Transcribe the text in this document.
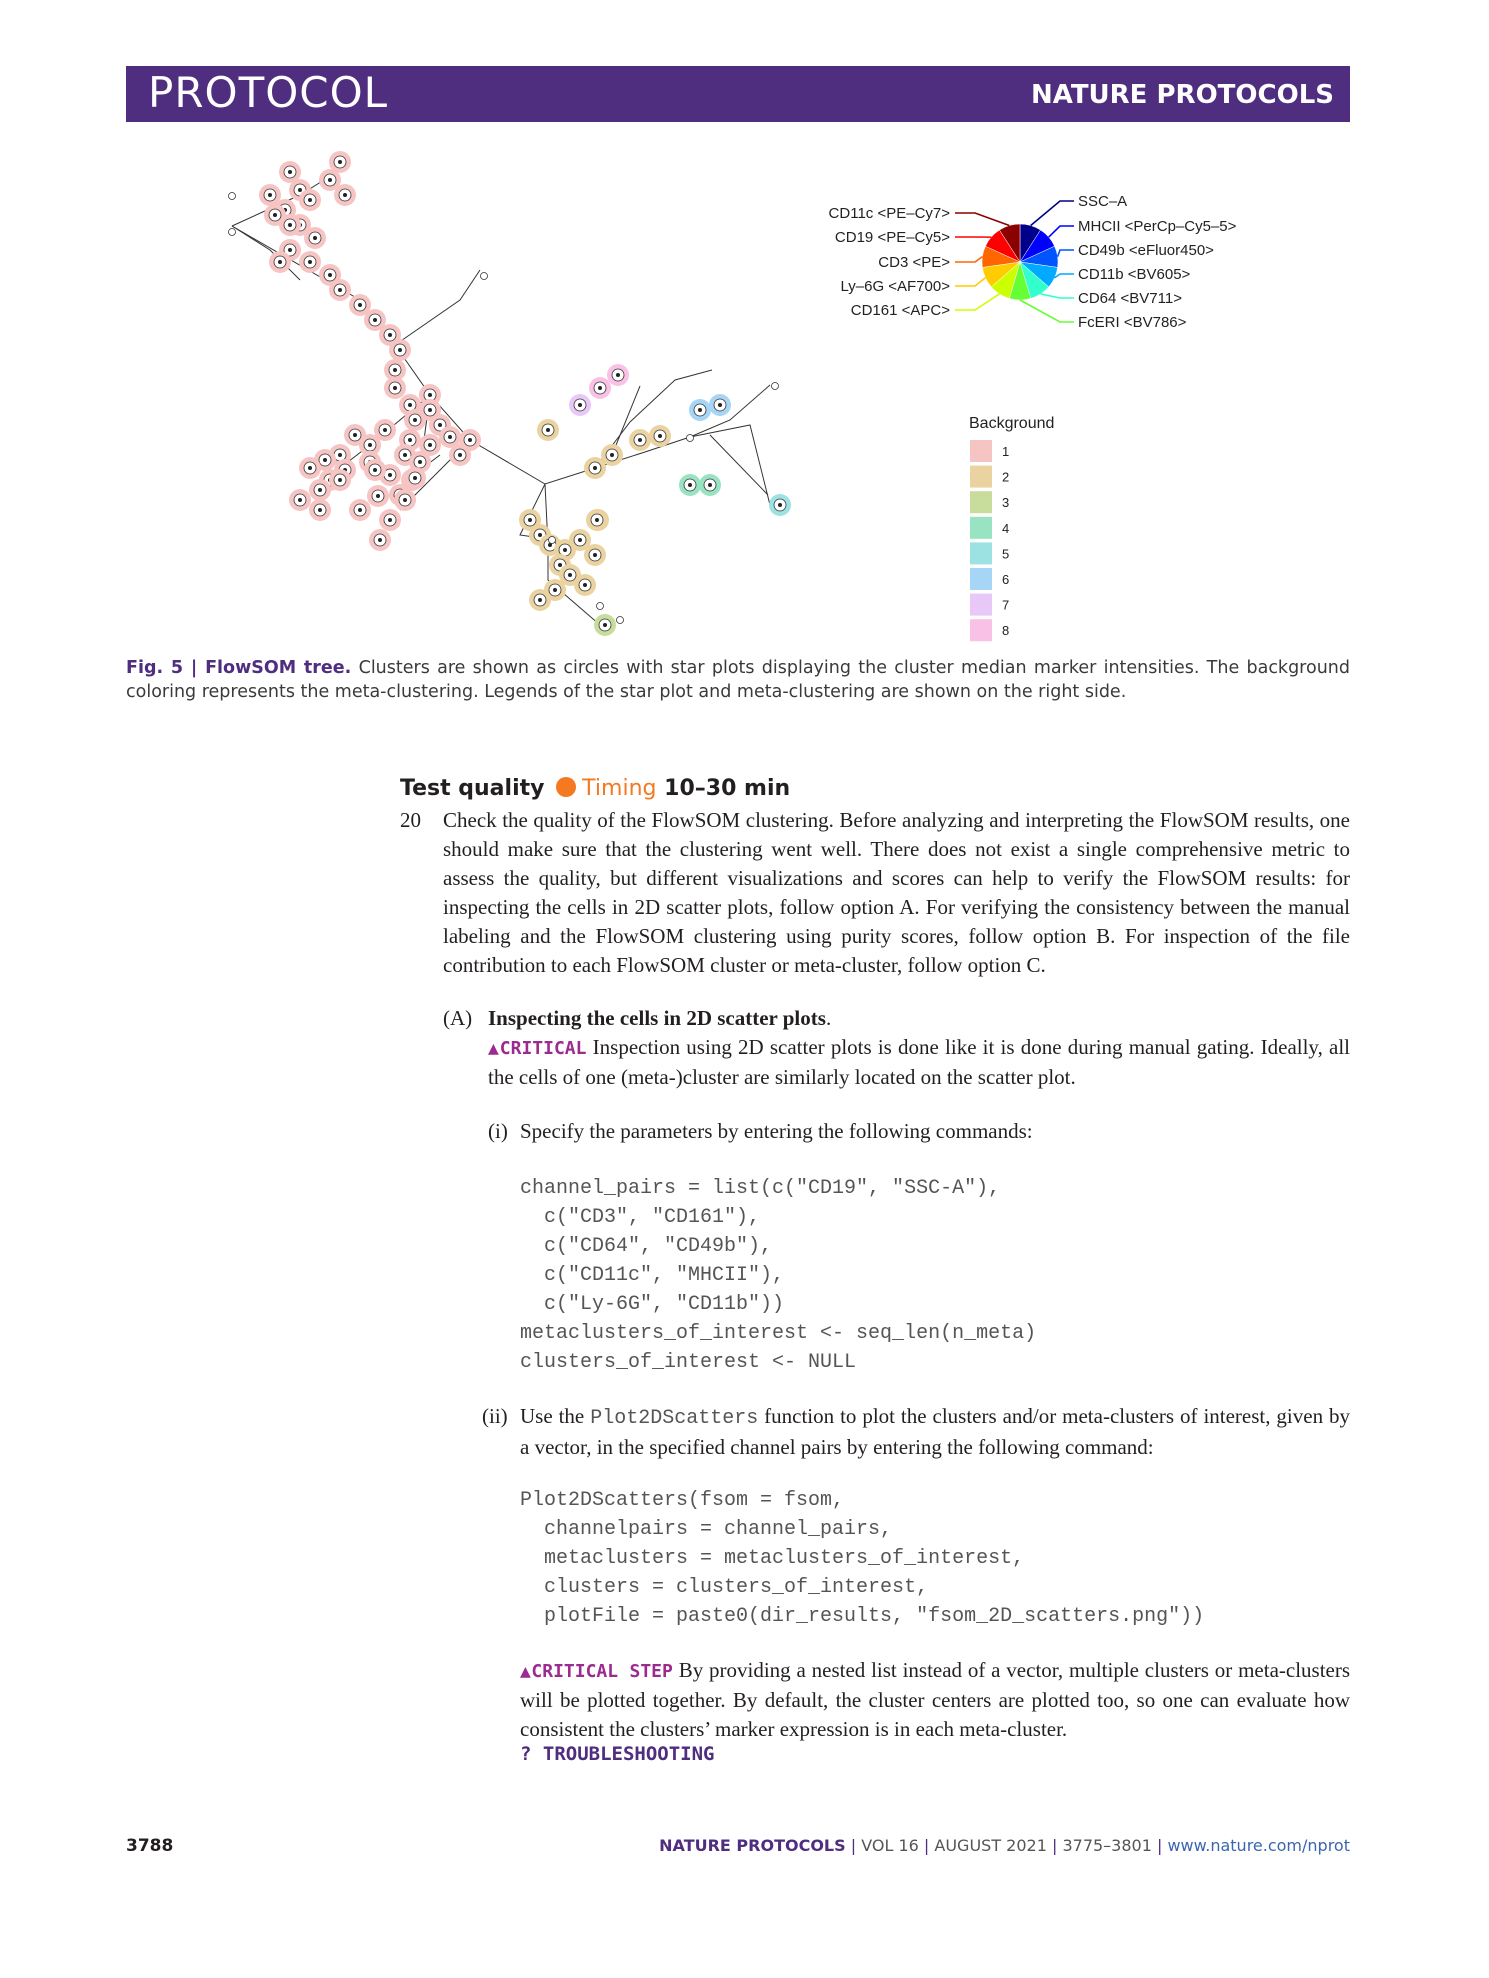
PROTOCOL	NATURE PROTOCOLS
SSC–A
MHCII <PerCp–Cy5–5>
CD49b <eFluor450>
CD11b <BV605>
CD64 <BV711>
FcERI <BV786>
CD11c <PE–Cy7>
CD19 <PE–Cy5>
CD3 <PE>
Ly–6G <AF700>
CD161 <APC>
Background
1
2
3
4
5
6
7
8
Fig. 5 | FlowSOM tree. Clusters are shown as circles with star plots displaying the cluster median marker intensities. The background coloring represents the meta-clustering. Legends of the star plot and meta-clustering are shown on the right side.
Test quality Timing 10–30 min
20 Check the quality of the FlowSOM clustering. Before analyzing and interpreting the FlowSOM results, one should make sure that the clustering went well. There does not exist a single comprehensive metric to assess the quality, but different visualizations and scores can help to verify the FlowSOM results: for inspecting the cells in 2D scatter plots, follow option A. For verifying the consistency between the manual labeling and the FlowSOM clustering using purity scores, follow option B. For inspection of the file contribution to each FlowSOM cluster or meta-cluster, follow option C.
(A) Inspecting the cells in 2D scatter plots.
▲CRITICAL Inspection using 2D scatter plots is done like it is done during manual gating. Ideally, all the cells of one (meta-)cluster are similarly located on the scatter plot.
(i) Specify the parameters by entering the following commands:
channel_pairs = list(c("CD19", "SSC-A"),
c("CD3", "CD161"),
c("CD64", "CD49b"),
c("CD11c", "MHCII"),
c("Ly-6G", "CD11b"))
metaclusters_of_interest <- seq_len(n_meta)
clusters_of_interest <- NULL
(ii) Use the Plot2DScatters function to plot the clusters and/or meta-clusters of interest, given by a vector, in the specified channel pairs by entering the following command:
Plot2DScatters(fsom = fsom,
channelpairs = channel_pairs,
metaclusters = metaclusters_of_interest,
clusters = clusters_of_interest,
plotFile = paste0(dir_results, "fsom_2D_scatters.png"))
▲CRITICAL STEP By providing a nested list instead of a vector, multiple clusters or meta-clusters will be plotted together. By default, the cluster centers are plotted too, so one can evaluate how consistent the clusters’ marker expression is in each meta-cluster.
? TROUBLESHOOTING
3788	NATURE PROTOCOLS | VOL 16 | AUGUST 2021 | 3775–3801 | www.nature.com/nprot
